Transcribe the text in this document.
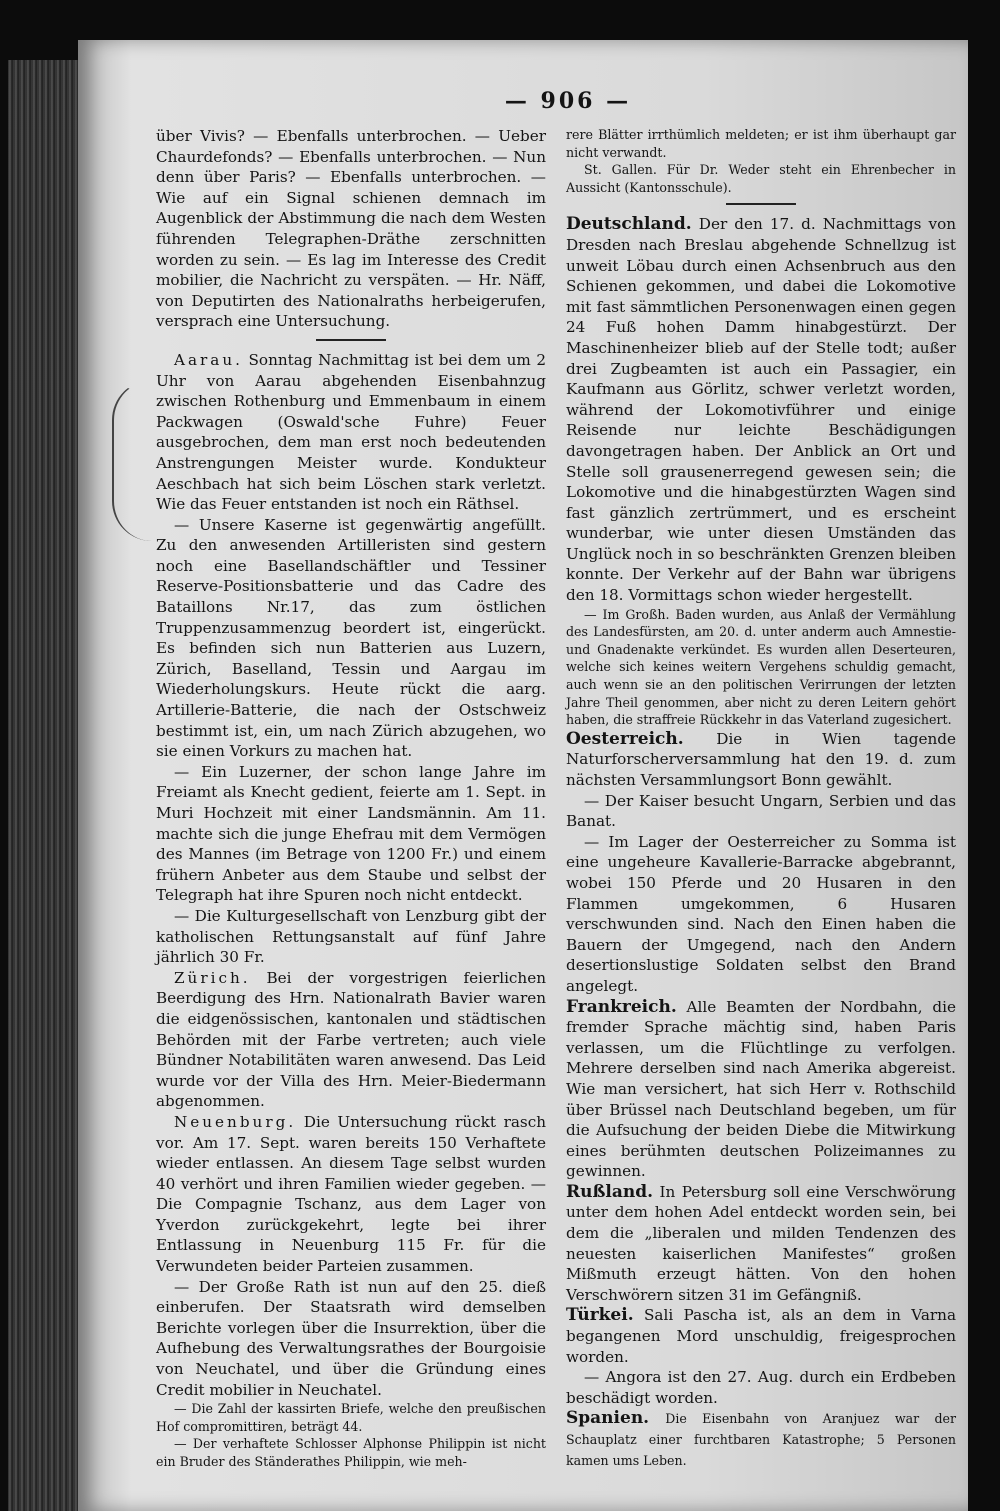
— 906 —

über Vivis? — Ebenfalls unterbrochen. — Ueber Chaurdefonds? — Ebenfalls unterbrochen. — Nun denn über Paris? — Ebenfalls unterbrochen. — Wie auf ein Signal schienen demnach im Augenblick der Abstimmung die nach dem Westen führenden Telegraphen-Dräthe zerschnitten worden zu sein. — Es lag im Interesse des Credit mobilier, die Nachricht zu verspäten. — Hr. Näff, von Deputirten des Nationalraths herbeigerufen, versprach eine Untersuchung.

Aarau. Sonntag Nachmittag ist bei dem um 2 Uhr von Aarau abgehenden Eisenbahnzug zwischen Rothenburg und Emmenbaum in einem Packwagen (Oswald'sche Fuhre) Feuer ausgebrochen, dem man erst noch bedeutenden Anstrengungen Meister wurde. Kondukteur Aeschbach hat sich beim Löschen stark verletzt. Wie das Feuer entstanden ist noch ein Räthsel.

— Unsere Kaserne ist gegenwärtig angefüllt. Zu den anwesenden Artilleristen sind gestern noch eine Basellandschäftler und Tessiner Reserve-Positionsbatterie und das Cadre des Bataillons Nr.17, das zum östlichen Truppenzusammenzug beordert ist, eingerückt. Es befinden sich nun Batterien aus Luzern, Zürich, Baselland, Tessin und Aargau im Wiederholungskurs. Heute rückt die aarg. Artillerie-Batterie, die nach der Ostschweiz bestimmt ist, ein, um nach Zürich abzugehen, wo sie einen Vorkurs zu machen hat.

— Ein Luzerner, der schon lange Jahre im Freiamt als Knecht gedient, feierte am 1. Sept. in Muri Hochzeit mit einer Landsmännin. Am 11. machte sich die junge Ehefrau mit dem Vermögen des Mannes (im Betrage von 1200 Fr.) und einem frühern Anbeter aus dem Staube und selbst der Telegraph hat ihre Spuren noch nicht entdeckt.

— Die Kulturgesellschaft von Lenzburg gibt der katholischen Rettungsanstalt auf fünf Jahre jährlich 30 Fr.

Zürich. Bei der vorgestrigen feierlichen Beerdigung des Hrn. Nationalrath Bavier waren die eidgenössischen, kantonalen und städtischen Behörden mit der Farbe vertreten; auch viele Bündner Notabilitäten waren anwesend. Das Leid wurde vor der Villa des Hrn. Meier-Biedermann abgenommen.

Neuenburg. Die Untersuchung rückt rasch vor. Am 17. Sept. waren bereits 150 Verhaftete wieder entlassen. An diesem Tage selbst wurden 40 verhört und ihren Familien wieder gegeben. — Die Compagnie Tschanz, aus dem Lager von Yverdon zurückgekehrt, legte bei ihrer Entlassung in Neuenburg 115 Fr. für die Verwundeten beider Parteien zusammen.

— Der Große Rath ist nun auf den 25. dieß einberufen. Der Staatsrath wird demselben Berichte vorlegen über die Insurrektion, über die Aufhebung des Verwaltungsrathes der Bourgoisie von Neuchatel, und über die Gründung eines Credit mobilier in Neuchatel.

— Die Zahl der kassirten Briefe, welche den preußischen Hof compromittiren, beträgt 44.

— Der verhaftete Schlosser Alphonse Philippin ist nicht ein Bruder des Ständerathes Philippin, wie meh-

rere Blätter irrthümlich meldeten; er ist ihm überhaupt gar nicht verwandt.

St. Gallen. Für Dr. Weder steht ein Ehrenbecher in Aussicht (Kantonsschule).

Deutschland. Der den 17. d. Nachmittags von Dresden nach Breslau abgehende Schnellzug ist unweit Löbau durch einen Achsenbruch aus den Schienen gekommen, und dabei die Lokomotive mit fast sämmtlichen Personenwagen einen gegen 24 Fuß hohen Damm hinabgestürzt. Der Maschinenheizer blieb auf der Stelle todt; außer drei Zugbeamten ist auch ein Passagier, ein Kaufmann aus Görlitz, schwer verletzt worden, während der Lokomotivführer und einige Reisende nur leichte Beschädigungen davongetragen haben. Der Anblick an Ort und Stelle soll grausenerregend gewesen sein; die Lokomotive und die hinabgestürzten Wagen sind fast gänzlich zertrümmert, und es erscheint wunderbar, wie unter diesen Umständen das Unglück noch in so beschränkten Grenzen bleiben konnte. Der Verkehr auf der Bahn war übrigens den 18. Vormittags schon wieder hergestellt.

— Im Großh. Baden wurden, aus Anlaß der Vermählung des Landesfürsten, am 20. d. unter anderm auch Amnestie- und Gnadenakte verkündet. Es wurden allen Deserteuren, welche sich keines weitern Vergehens schuldig gemacht, auch wenn sie an den politischen Verirrungen der letzten Jahre Theil genommen, aber nicht zu deren Leitern gehört haben, die straffreie Rückkehr in das Vaterland zugesichert.

Oesterreich. Die in Wien tagende Naturforscherversammlung hat den 19. d. zum nächsten Versammlungsort Bonn gewählt.

— Der Kaiser besucht Ungarn, Serbien und das Banat.

— Im Lager der Oesterreicher zu Somma ist eine ungeheure Kavallerie-Barracke abgebrannt, wobei 150 Pferde und 20 Husaren in den Flammen umgekommen, 6 Husaren verschwunden sind. Nach den Einen haben die Bauern der Umgegend, nach den Andern desertionslustige Soldaten selbst den Brand angelegt.

Frankreich. Alle Beamten der Nordbahn, die fremder Sprache mächtig sind, haben Paris verlassen, um die Flüchtlinge zu verfolgen. Mehrere derselben sind nach Amerika abgereist. Wie man versichert, hat sich Herr v. Rothschild über Brüssel nach Deutschland begeben, um für die Aufsuchung der beiden Diebe die Mitwirkung eines berühmten deutschen Polizeimannes zu gewinnen.

Rußland. In Petersburg soll eine Verschwörung unter dem hohen Adel entdeckt worden sein, bei dem die „liberalen und milden Tendenzen des neuesten kaiserlichen Manifestes“ großen Mißmuth erzeugt hätten. Von den hohen Verschwörern sitzen 31 im Gefängniß.

Türkei. Sali Pascha ist, als an dem in Varna begangenen Mord unschuldig, freigesprochen worden.

— Angora ist den 27. Aug. durch ein Erdbeben beschädigt worden.

Spanien. Die Eisenbahn von Aranjuez war der Schauplatz einer furchtbaren Katastrophe; 5 Personen kamen ums Leben.
